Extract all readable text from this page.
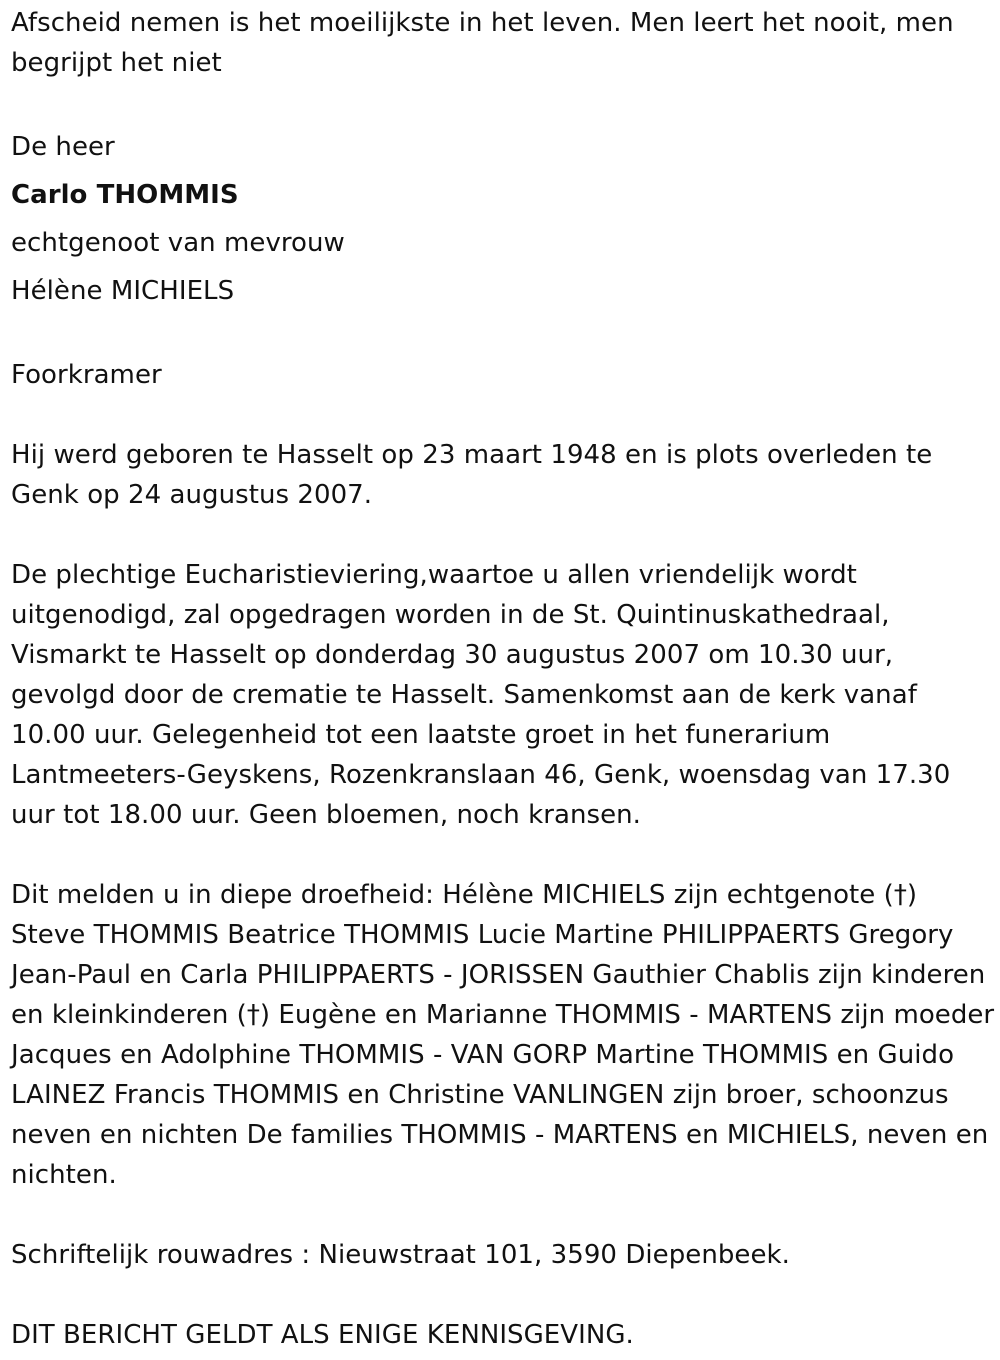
Afscheid nemen is het moeilijkste in het leven. Men leert het nooit, men begrijpt het niet

De heer

Carlo THOMMIS

echtgenoot van mevrouw

Hélène MICHIELS

Foorkramer

Hij werd geboren te Hasselt op 23 maart 1948 en is plots overleden te Genk op 24 augustus 2007.

De plechtige Eucharistieviering,waartoe u allen vriendelijk wordt uitgenodigd, zal opgedragen worden in de St. Quintinuskathedraal, Vismarkt te Hasselt op donderdag 30 augustus 2007 om 10.30 uur, gevolgd door de crematie te Hasselt. Samenkomst aan de kerk vanaf 10.00 uur. Gelegenheid tot een laatste groet in het funerarium Lantmeeters-Geyskens, Rozenkranslaan 46, Genk, woensdag van 17.30 uur tot 18.00 uur. Geen bloemen, noch kransen.

Dit melden u in diepe droefheid: Hélène MICHIELS zijn echtgenote (†) Steve THOMMIS Beatrice THOMMIS Lucie Martine PHILIPPAERTS Gregory Jean-Paul en Carla PHILIPPAERTS - JORISSEN Gauthier Chablis zijn kinderen en kleinkinderen (†) Eugène en Marianne THOMMIS - MARTENS zijn moeder Jacques en Adolphine THOMMIS - VAN GORP Martine THOMMIS en Guido LAINEZ Francis THOMMIS en Christine VANLINGEN zijn broer, schoonzus neven en nichten De families THOMMIS - MARTENS en MICHIELS, neven en nichten.

Schriftelijk rouwadres : Nieuwstraat 101, 3590 Diepenbeek.

DIT BERICHT GELDT ALS ENIGE KENNISGEVING.
